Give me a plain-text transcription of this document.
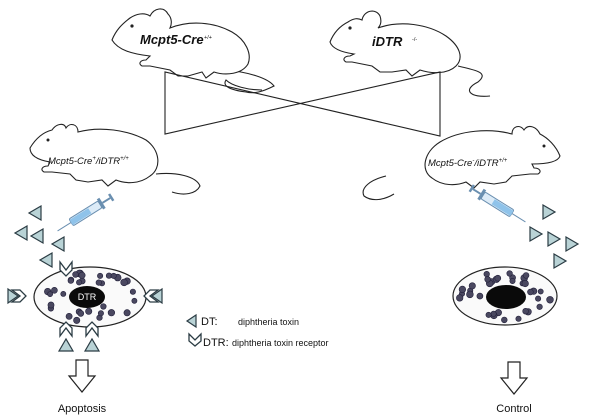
Mcpt5-Cre +/+	iDTR -/-
Mcpt5-Cre+/iDTR+/+	Mcpt5-Cre-/iDTR+/+
DTR
DT: diphtheria toxin
DTR: diphtheria toxin receptor
Apoptosis	Control
